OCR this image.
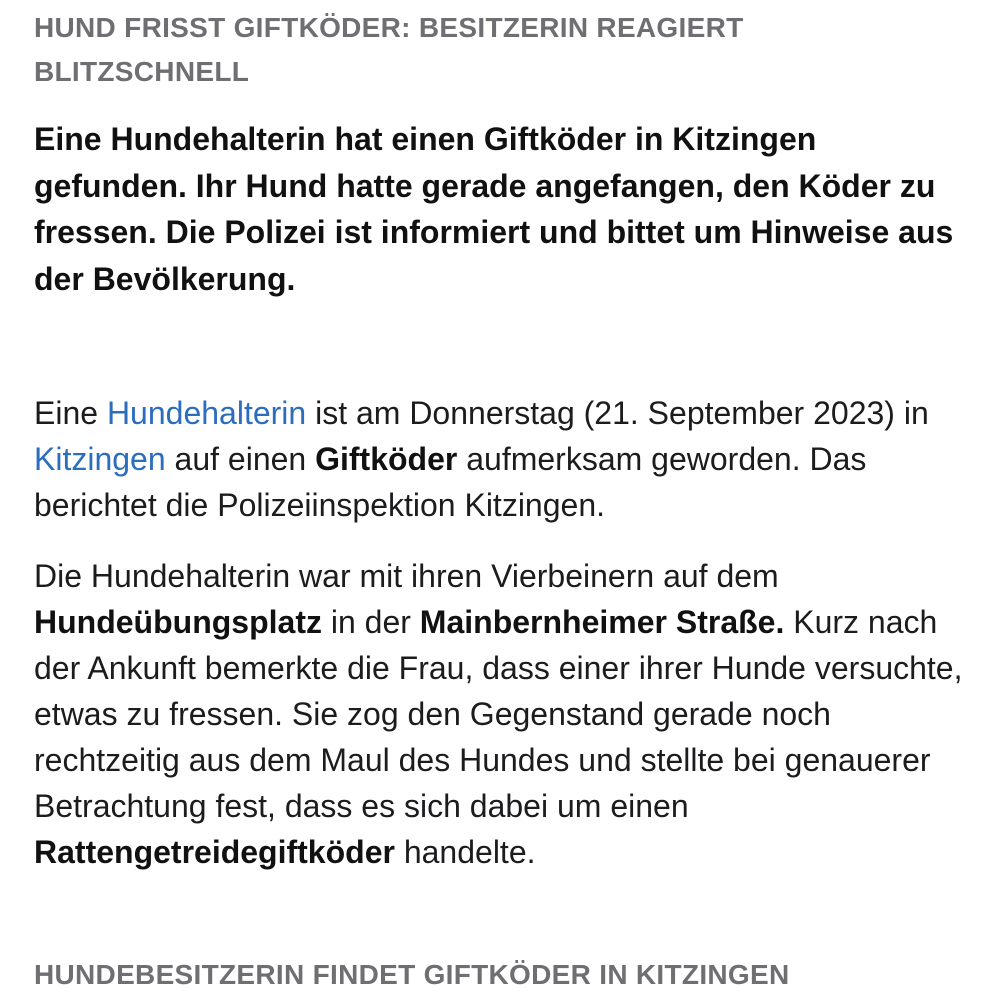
HUND FRISST GIFTKÖDER: BESITZERIN REAGIERT BLITZSCHNELL

Eine Hundehalterin hat einen Giftköder in Kitzingen gefunden. Ihr Hund hatte gerade angefangen, den Köder zu fressen. Die Polizei ist informiert und bittet um Hinweise aus der Bevölkerung.

Eine Hundehalterin ist am Donnerstag (21. September 2023) in Kitzingen auf einen Giftköder aufmerksam geworden. Das berichtet die Polizeiinspektion Kitzingen.

Die Hundehalterin war mit ihren Vierbeinern auf dem Hundeübungsplatz in der Mainbernheimer Straße. Kurz nach der Ankunft bemerkte die Frau, dass einer ihrer Hunde versuchte, etwas zu fressen. Sie zog den Gegenstand gerade noch rechtzeitig aus dem Maul des Hundes und stellte bei genauerer Betrachtung fest, dass es sich dabei um einen Rattengetreidegiftköder handelte.

HUNDEBESITZERIN FINDET GIFTKÖDER IN KITZINGEN
